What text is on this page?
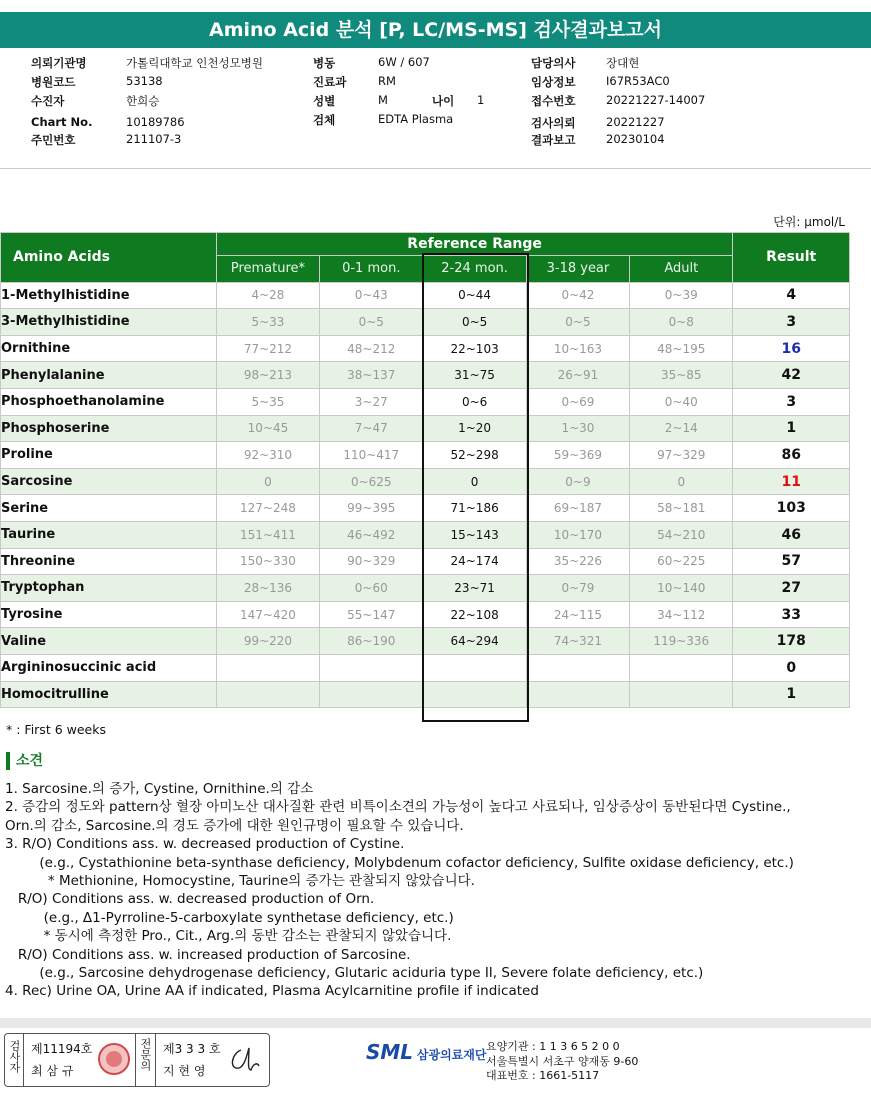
Amino Acid 분석 [P, LC/MS-MS] 검사결과보고서
의뢰기관명	가톨릭대학교 인천성모병원
병원코드	53138
수진자	한희승
Chart No.	10189786
주민번호	211107-3
병동	6W / 607
진료과	RM
성별	M
검체	EDTA Plasma
나이 1
담당의사	장대현
임상정보	I67R53AC0
접수번호	20221227-14007
검사의뢰	20221227
결과보고	20230104
단위: µmol/L
Amino Acids	Reference Range					Result
	Premature*	0-1 mon.	2-24 mon.	3-18 year	Adult	
1-Methylhistidine	4~28	0~43	0~44	0~42	0~39	4
3-Methylhistidine	5~33	0~5	0~5	0~5	0~8	3
Ornithine	77~212	48~212	22~103	10~163	48~195	16
Phenylalanine	98~213	38~137	31~75	26~91	35~85	42
Phosphoethanolamine	5~35	3~27	0~6	0~69	0~40	3
Phosphoserine	10~45	7~47	1~20	1~30	2~14	1
Proline	92~310	110~417	52~298	59~369	97~329	86
Sarcosine	0	0~625	0	0~9	0	11
Serine	127~248	99~395	71~186	69~187	58~181	103
Taurine	151~411	46~492	15~143	10~170	54~210	46
Threonine	150~330	90~329	24~174	35~226	60~225	57
Tryptophan	28~136	0~60	23~71	0~79	10~140	27
Tyrosine	147~420	55~147	22~108	24~115	34~112	33
Valine	99~220	86~190	64~294	74~321	119~336	178
Argininosuccinic acid						0
Homocitrulline						1
* : First 6 weeks
소견
1. Sarcosine.의 증가, Cystine, Ornithine.의 감소
2. 증감의 정도와 pattern상 혈장 아미노산 대사질환 관련 비특이소견의 가능성이 높다고 사료되나, 임상증상이 동반된다면 Cystine.,
Orn.의 감소, Sarcosine.의 경도 증가에 대한 원인규명이 필요할 수 있습니다.
3. R/O) Conditions ass. w. decreased production of Cystine.
(e.g., Cystathionine beta-synthase deficiency, Molybdenum cofactor deficiency, Sulfite oxidase deficiency, etc.)
* Methionine, Homocystine, Taurine의 증가는 관찰되지 않았습니다.
R/O) Conditions ass. w. decreased production of Orn.
(e.g., Δ1-Pyrroline-5-carboxylate synthetase deficiency, etc.)
* 동시에 측정한 Pro., Cit., Arg.의 동반 감소는 관찰되지 않았습니다.
R/O) Conditions ass. w. increased production of Sarcosine.
(e.g., Sarcosine dehydrogenase deficiency, Glutaric aciduria type II, Severe folate deficiency, etc.)
4. Rec) Urine OA, Urine AA if indicated, Plasma Acylcarnitine profile if indicated
검사자 제11194호
최 삼 규	전문의 제3 3 3 호
지 현 영
SML 삼광의료재단
요양기관 : 1 1 3 6 5 2 0 0
서울특별시 서초구 양재동 9-60
대표번호 : 1661-5117
